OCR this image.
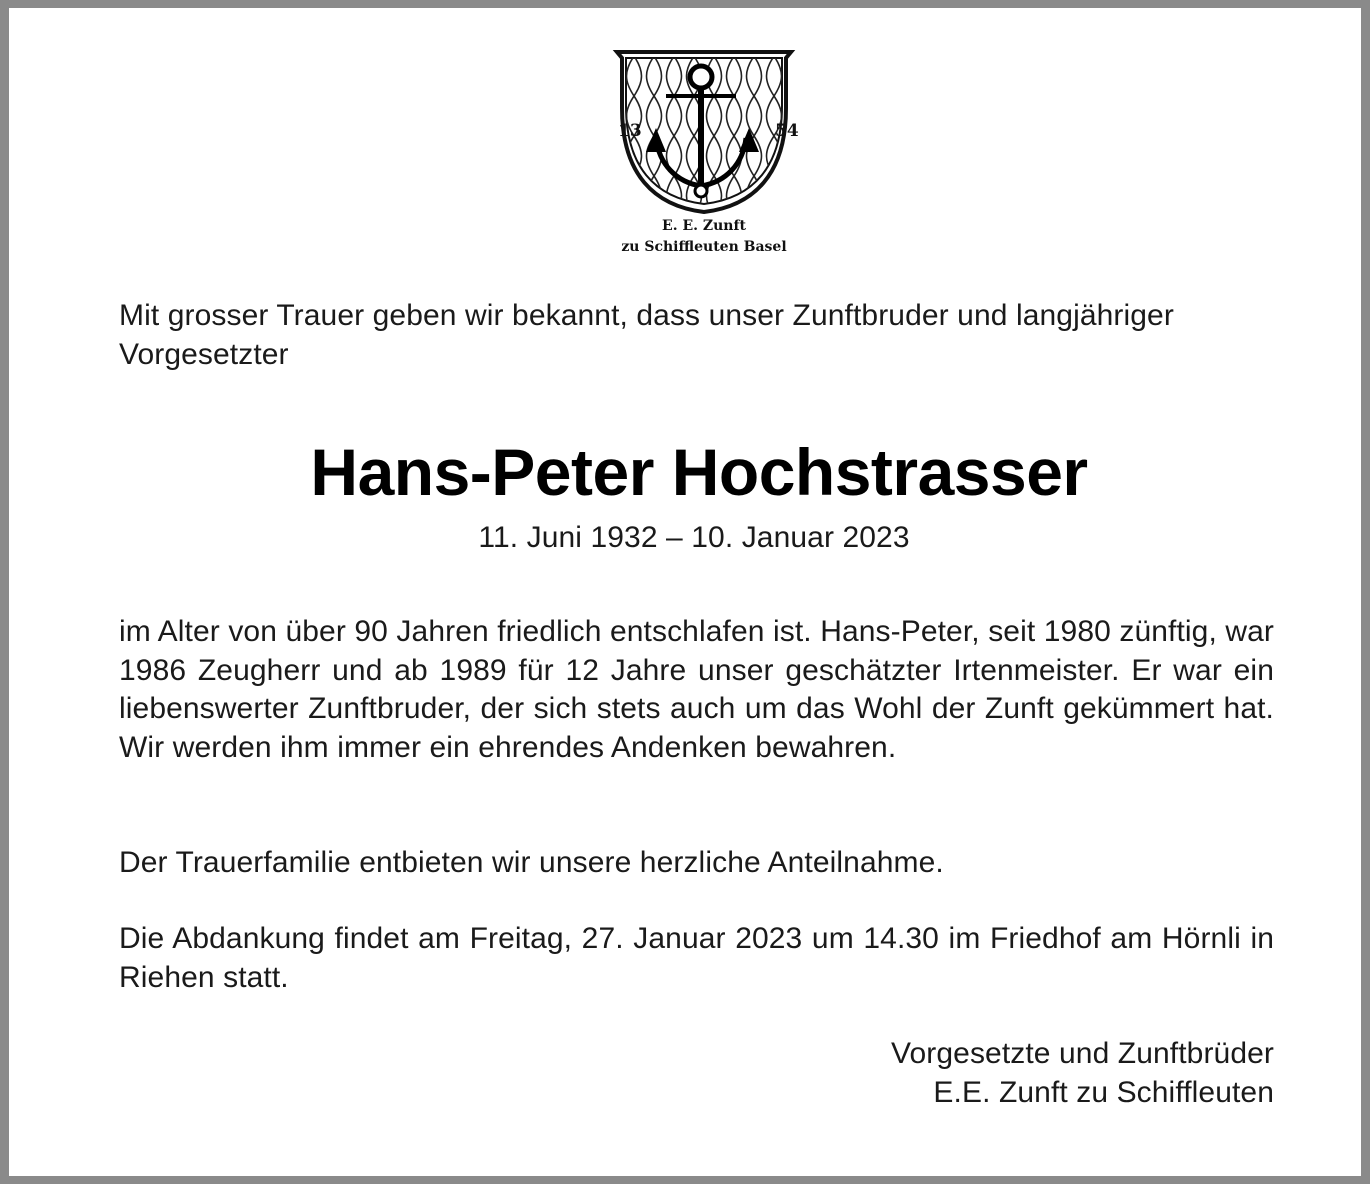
13	54
E. E. Zunft
zu Schiffleuten Basel

Mit grosser Trauer geben wir bekannt, dass unser Zunftbruder und langjähriger Vorgesetzter

Hans-Peter Hochstrasser

11. Juni 1932 – 10. Januar 2023

im Alter von über 90 Jahren friedlich entschlafen ist. Hans-Peter, seit 1980 zünftig, war 1986 Zeugherr und ab 1989 für 12 Jahre unser geschätzter Irtenmeister. Er war ein liebenswerter Zunftbruder, der sich stets auch um das Wohl der Zunft gekümmert hat. Wir werden ihm immer ein ehrendes Andenken bewahren.

Der Trauerfamilie entbieten wir unsere herzliche Anteilnahme.

Die Abdankung findet am Freitag, 27. Januar 2023 um 14.30 im Friedhof am Hörnli in Riehen statt.

Vorgesetzte und Zunftbrüder
E.E. Zunft zu Schiffleuten
